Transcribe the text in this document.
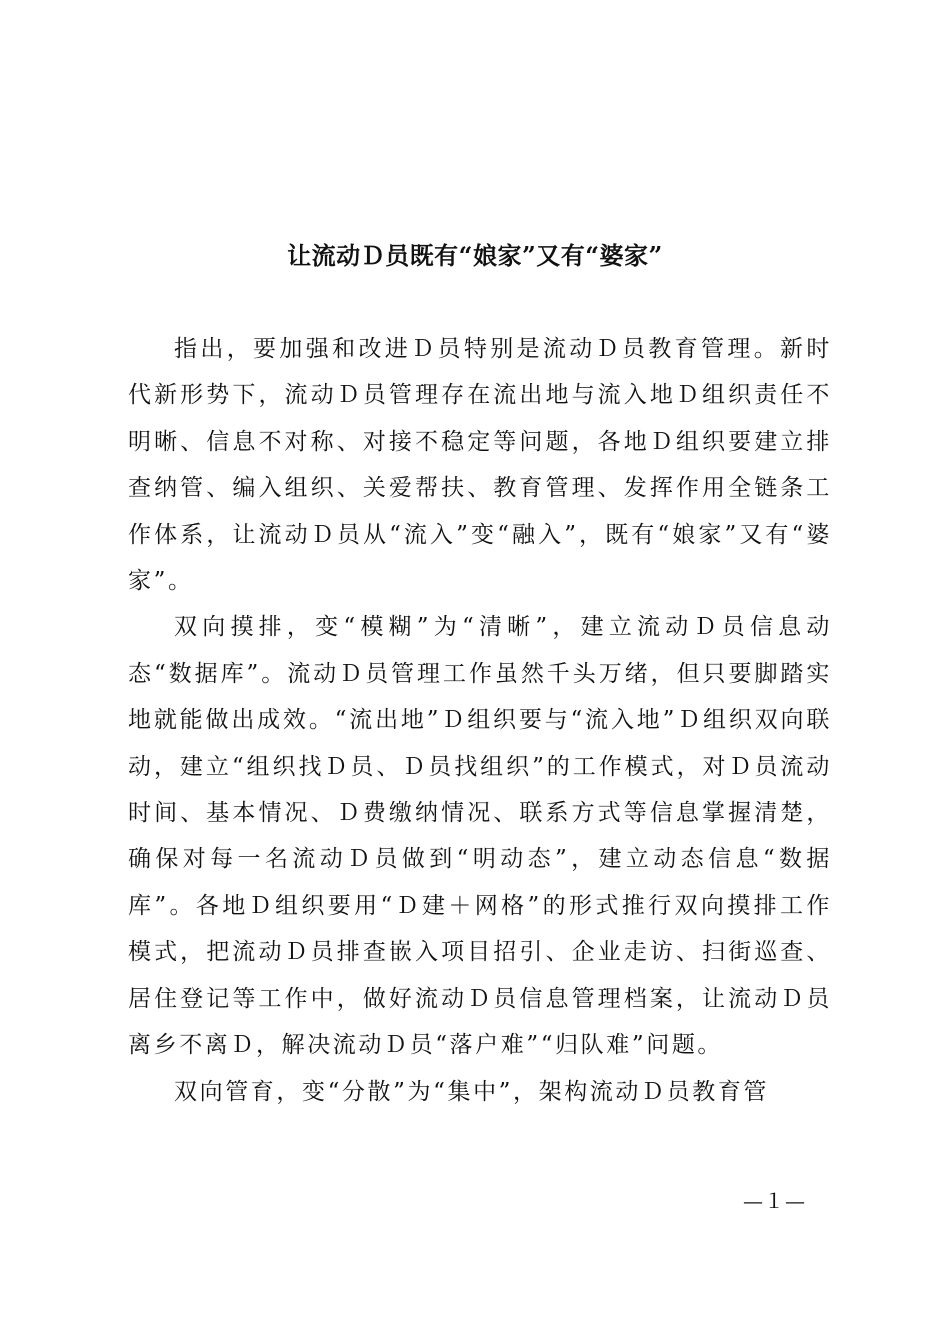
让流动Ｄ员既有“娘家”又有“婆家”

指出，要加强和改进Ｄ员特别是流动Ｄ员教育管理。新时代新形势下，流动Ｄ员管理存在流出地与流入地Ｄ组织责任不明晰、信息不对称、对接不稳定等问题，各地Ｄ组织要建立排查纳管、编入组织、关爱帮扶、教育管理、发挥作用全链条工作体系，让流动Ｄ员从“流入”变“融入”，既有“娘家”又有“婆家”。

双向摸排，变“模糊”为“清晰”，建立流动Ｄ员信息动态“数据库”。流动Ｄ员管理工作虽然千头万绪，但只要脚踏实地就能做出成效。“流出地”Ｄ组织要与“流入地”Ｄ组织双向联动，建立“组织找Ｄ员、Ｄ员找组织”的工作模式，对Ｄ员流动时间、基本情况、Ｄ费缴纳情况、联系方式等信息掌握清楚，确保对每一名流动Ｄ员做到“明动态”，建立动态信息“数据库”。各地Ｄ组织要用“Ｄ建＋网格”的形式推行双向摸排工作模式，把流动Ｄ员排查嵌入项目招引、企业走访、扫街巡查、居住登记等工作中，做好流动Ｄ员信息管理档案，让流动Ｄ员离乡不离Ｄ，解决流动Ｄ员“落户难”“归队难”问题。

双向管育，变“分散”为“集中”，架构流动Ｄ员教育管

—１—
